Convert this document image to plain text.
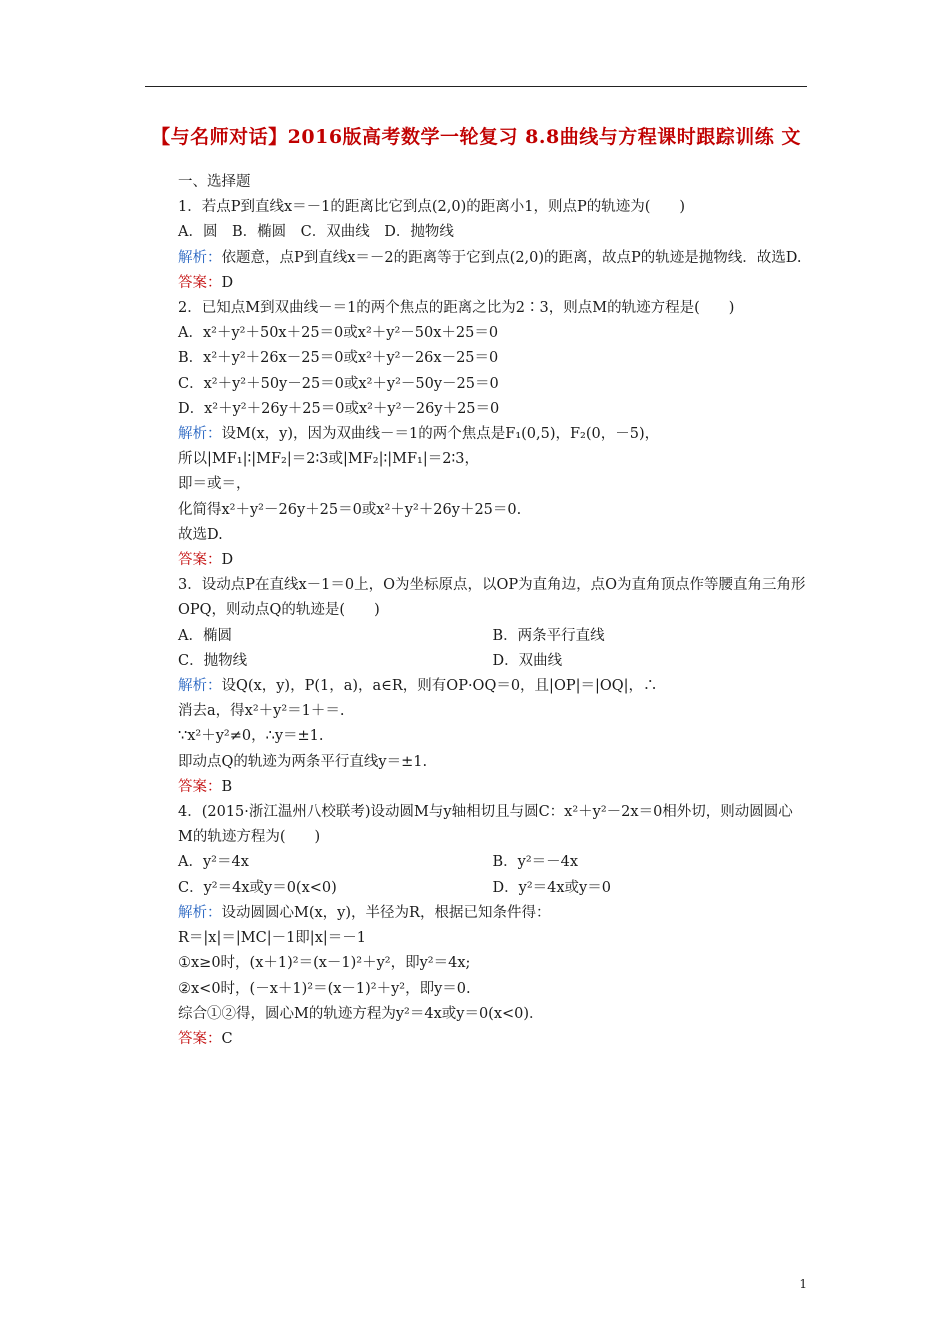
【与名师对话】2016版高考数学一轮复习 8.8曲线与方程课时跟踪训练 文
一、选择题
1．若点P到直线x＝－1的距离比它到点(2,0)的距离小1，则点P的轨迹为(　　)
A．圆　B．椭圆　C．双曲线　D．抛物线
解析：依题意，点P到直线x＝－2的距离等于它到点(2,0)的距离，故点P的轨迹是抛物线．故选D.
答案：D
2．已知点M到双曲线－＝1的两个焦点的距离之比为2∶3，则点M的轨迹方程是(　　)
A．x²＋y²＋50x＋25＝0或x²＋y²－50x＋25＝0
B．x²＋y²＋26x－25＝0或x²＋y²－26x－25＝0
C．x²＋y²＋50y－25＝0或x²＋y²－50y－25＝0
D．x²＋y²＋26y＋25＝0或x²＋y²－26y＋25＝0
解析：设M(x，y)，因为双曲线－＝1的两个焦点是F₁(0,5)，F₂(0，－5)，
所以|MF₁|∶|MF₂|＝2∶3或|MF₂|∶|MF₁|＝2∶3，
即＝或＝，
化简得x²＋y²－26y＋25＝0或x²＋y²＋26y＋25＝0.
故选D.
答案：D
3．设动点P在直线x－1＝0上，O为坐标原点，以OP为直角边，点O为直角顶点作等腰直角三角形OPQ，则动点Q的轨迹是(　　)
A．椭圆	B．两条平行直线
C．抛物线	D．双曲线
解析：设Q(x，y)，P(1，a)，a∈R，则有OP·OQ＝0，且|OP|＝|OQ|，∴
消去a，得x²＋y²＝1＋＝.
∵x²＋y²≠0，∴y＝±1.
即动点Q的轨迹为两条平行直线y＝±1.
答案：B
4．(2015·浙江温州八校联考)设动圆M与y轴相切且与圆C：x²＋y²－2x＝0相外切，则动圆圆心M的轨迹方程为(　　)
A．y²＝4x	B．y²＝－4x
C．y²＝4x或y＝0(x<0)	D．y²＝4x或y＝0
解析：设动圆圆心M(x，y)，半径为R，根据已知条件得：
R＝|x|＝|MC|－1即|x|＝－1
①x≥0时，(x＋1)²＝(x－1)²＋y²，即y²＝4x;
②x<0时，(－x＋1)²＝(x－1)²＋y²，即y＝0.
综合①②得，圆心M的轨迹方程为y²＝4x或y＝0(x<0)．
答案：C
1
